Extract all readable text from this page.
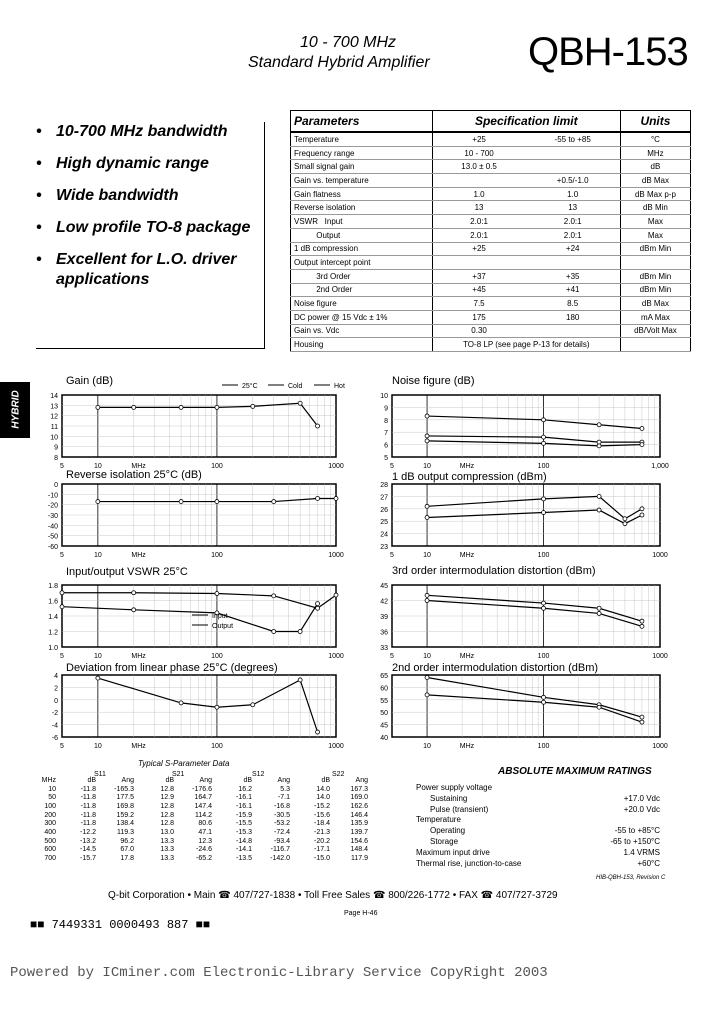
10 - 700 MHz
Standard Hybrid Amplifier QBH-153
• 10-700 MHz bandwidth
• High dynamic range
• Wide bandwidth
• Low profile TO-8 package
• Excellent for L.O. driver applications
Parameters	Specification limit		Units
Temperature	+25	-55 to +85	°C
Frequency range	10 - 700		MHz
Small signal gain	13.0 ± 0.5		dB
Gain vs. temperature		+0.5/-1.0	dB Max
Gain flatness	1.0	1.0	dB Max p-p
Reverse isolation	13	13	dB Min
VSWR   Input	2.0:1	2.0:1	Max
Output	2.0:1	2.0:1	Max
1 dB compression	+25	+24	dBm Min
Output intercept point			
3rd Order	+37	+35	dBm Min
2nd Order	+45	+41	dBm Min
Noise figure	7.5	8.5	dB Max
DC power @ 15 Vdc ± 1%	175	180	mA Max
Gain vs. Vdc	0.30		dB/Volt Max
Housing	TO-8 LP (see page P-13 for details)		
HYBRID
Gain (dB)
14
13
12
11
10
9
8
5	10	MHz	100	1000
25°C	Cold	Hot	Noise figure (dB)
10
9
8
7
6
5
5	10	MHz	100	1,000
Reverse isolation 25°C (dB)
0
-10
-20
-30
-40
-50
-60
5	10	MHz	100	1000
1 dB output compression (dBm)
28
27
26
25
24
23
5	10	MHz	100	1000
Input/output VSWR 25°C
1.8
1.6
1.4
1.2
1.0
5	10	MHz	100	1000
Input
Output
3rd order intermodulation distortion (dBm)
45
42
39
36
33
5	10	MHz	100	1000
Deviation from linear phase 25°C (degrees)
4
2
0
-2
-4
-6
5	10	MHz	100	1000
2nd order intermodulation distortion (dBm)
65
60
55
50
45
40
10	MHz	100	1000
Typical S-Parameter Data
S11	S21	S12	S22
MHz	dB	Ang	dB	Ang	dB	Ang	dB	Ang
10	-11.8	-165.3	12.8	-176.6	16.2	5.3	14.0	167.3
50	-11.8	177.5	12.9	164.7	-16.1	-7.1	14.0	169.0
100	-11.8	169.8	12.8	147.4	-16.1	-16.8	-15.2	162.6
200	-11.8	159.2	12.8	114.2	-15.9	-30.5	-15.6	146.4
300	-11.8	138.4	12.8	80.6	-15.5	-53.2	-18.4	135.9
400	-12.2	119.3	13.0	47.1	-15.3	-72.4	-21.3	139.7
500	-13.2	96.2	13.3	12.3	-14.8	-93.4	-20.2	154.6
600	-14.5	67.0	13.3	-24.6	-14.1	-116.7	-17.1	148.4
700	-15.7	17.8	13.3	-65.2	-13.5	-142.0	-15.0	117.9
ABSOLUTE MAXIMUM RATINGS
Power supply voltage
Sustaining	+17.0 Vdc
Pulse (transient)	+20.0 Vdc
Temperature
Operating	-55 to +85°C
Storage	-65 to +150°C
Maximum input drive	1.4 VRMS
Thermal rise, junction-to-case	+60°C
HIB-QBH-153, Revision C
Q-bit Corporation • Main ☎ 407/727-1838 • Toll Free Sales ☎ 800/226-1772 • FAX ☎ 407/727-3729
Page H-46
■■ 7449331 0000493 887 ■■
Powered by ICminer.com Electronic-Library Service CopyRight 2003
